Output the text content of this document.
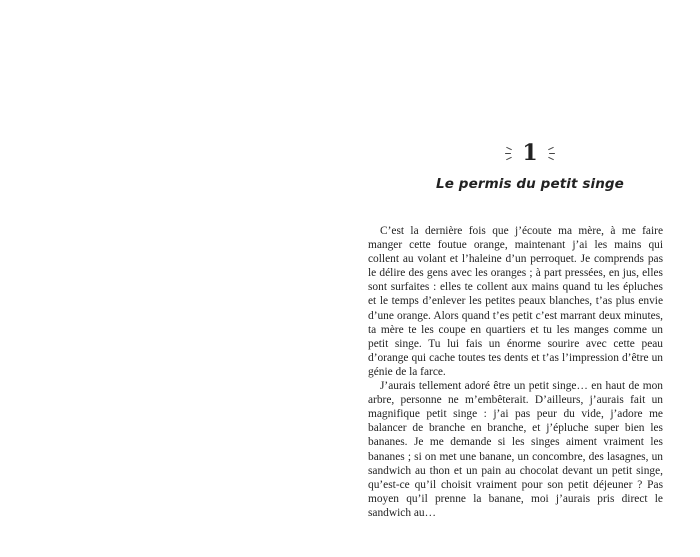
1
Le permis du petit singe

C’est la dernière fois que j’écoute ma mère, à me faire manger cette foutue orange, maintenant j’ai les mains qui collent au volant et l’haleine d’un perroquet. Je comprends pas le délire des gens avec les oranges ; à part pressées, en jus, elles sont surfaites : elles te collent aux mains quand tu les épluches et le temps d’enlever les petites peaux blanches, t’as plus envie d’une orange. Alors quand t’es petit c’est marrant deux minutes, ta mère te les coupe en quartiers et tu les manges comme un petit singe. Tu lui fais un énorme sourire avec cette peau d’orange qui cache toutes tes dents et t’as l’impression d’être un génie de la farce.

J’aurais tellement adoré être un petit singe… en haut de mon arbre, personne ne m’embêterait. D’ailleurs, j’aurais fait un magnifique petit singe : j’ai pas peur du vide, j’adore me balancer de branche en branche, et j’épluche super bien les bananes. Je me demande si les singes aiment vraiment les bananes ; si on met une banane, un concombre, des lasagnes, un sandwich au thon et un pain au chocolat devant un petit singe, qu’est-ce qu’il choisit vraiment pour son petit déjeuner ? Pas moyen qu’il prenne la banane, moi j’aurais pris direct le sandwich au…
